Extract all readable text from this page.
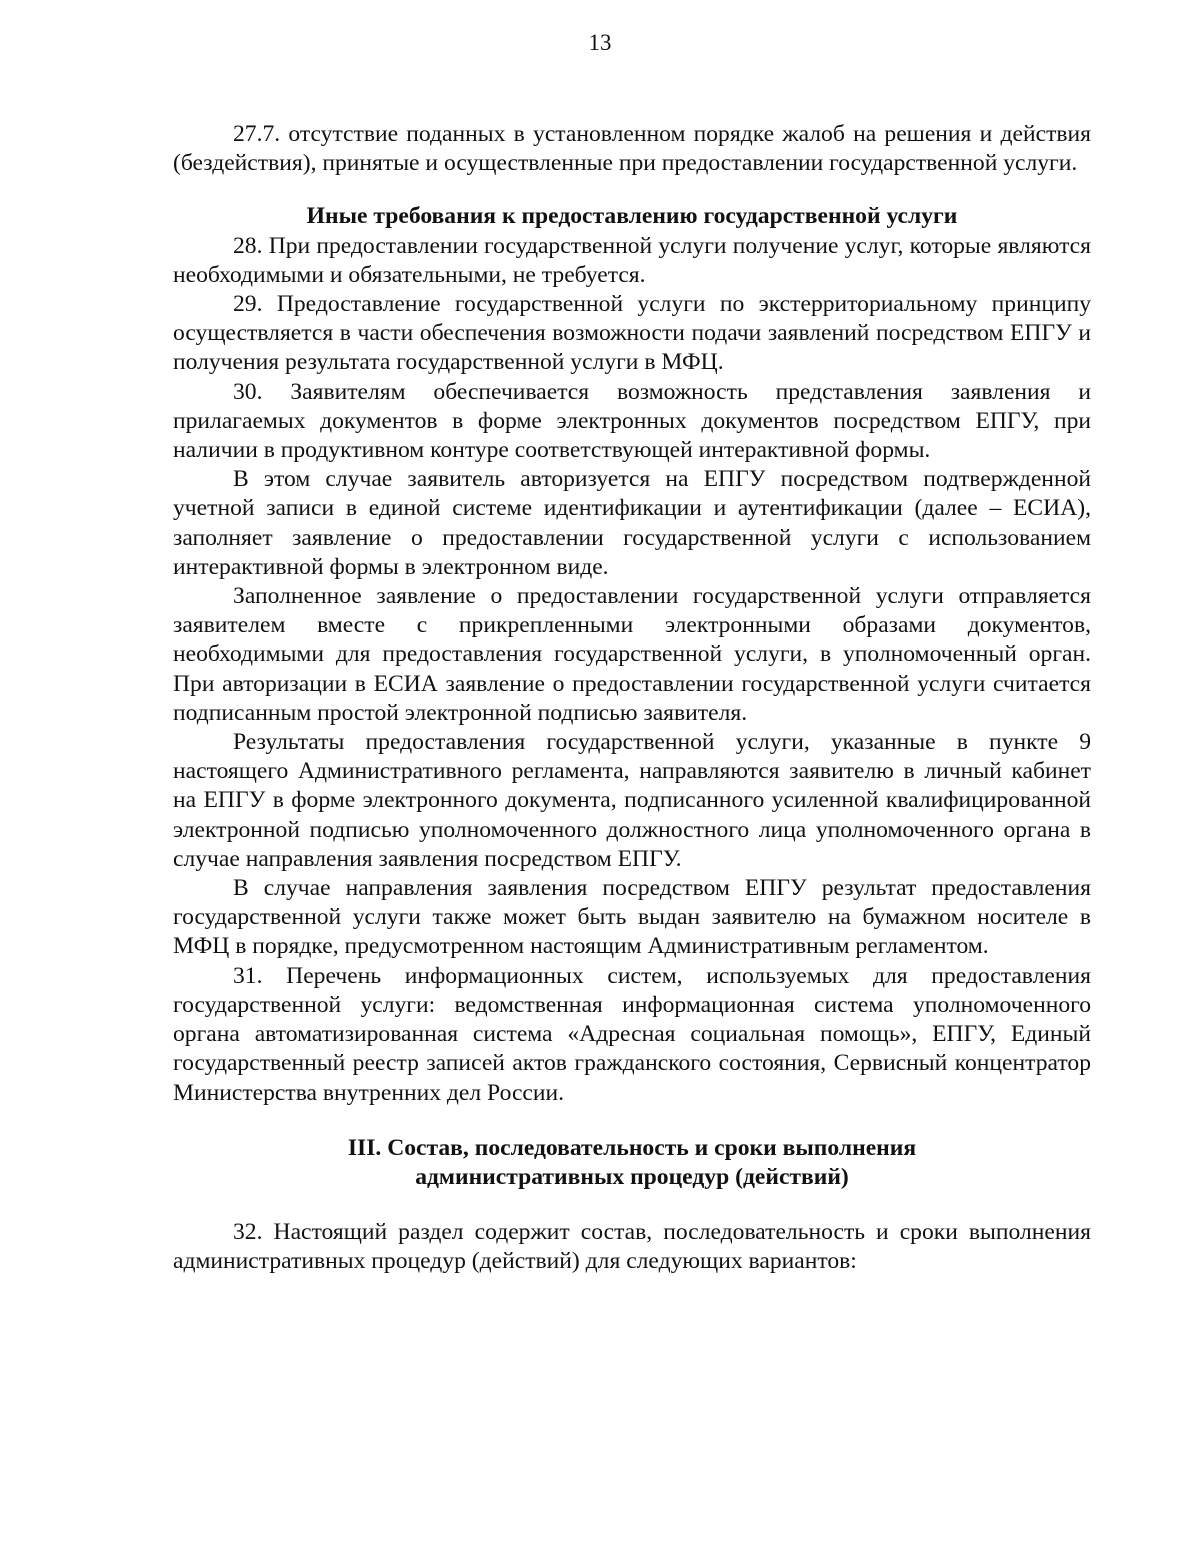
13

27.7. отсутствие поданных в установленном порядке жалоб на решения и действия (бездействия), принятые и осуществленные при предоставлении государственной услуги.

Иные требования к предоставлению государственной услуги

28. При предоставлении государственной услуги получение услуг, которые являются необходимыми и обязательными, не требуется.

29. Предоставление государственной услуги по экстерриториальному принципу осуществляется в части обеспечения возможности подачи заявлений посредством ЕПГУ и получения результата государственной услуги в МФЦ.

30. Заявителям обеспечивается возможность представления заявления и прилагаемых документов в форме электронных документов посредством ЕПГУ, при наличии в продуктивном контуре соответствующей интерактивной формы.

В этом случае заявитель авторизуется на ЕПГУ посредством подтвержденной учетной записи в единой системе идентификации и аутентификации (далее – ЕСИА), заполняет заявление о предоставлении государственной услуги с использованием интерактивной формы в электронном виде.

Заполненное заявление о предоставлении государственной услуги отправляется заявителем вместе с прикрепленными электронными образами документов, необходимыми для предоставления государственной услуги, в уполномоченный орган. При авторизации в ЕСИА заявление о предоставлении государственной услуги считается подписанным простой электронной подписью заявителя.

Результаты предоставления государственной услуги, указанные в пункте 9 настоящего Административного регламента, направляются заявителю в личный кабинет на ЕПГУ в форме электронного документа, подписанного усиленной квалифицированной электронной подписью уполномоченного должностного лица уполномоченного органа в случае направления заявления посредством ЕПГУ.

В случае направления заявления посредством ЕПГУ результат предоставления государственной услуги также может быть выдан заявителю на бумажном носителе в МФЦ в порядке, предусмотренном настоящим Административным регламентом.

31. Перечень информационных систем, используемых для предоставления государственной услуги: ведомственная информационная система уполномоченного органа автоматизированная система «Адресная социальная помощь», ЕПГУ, Единый государственный реестр записей актов гражданского состояния, Сервисный концентратор Министерства внутренних дел России.

III. Состав, последовательность и сроки выполнения
административных процедур (действий)

32. Настоящий раздел содержит состав, последовательность и сроки выполнения административных процедур (действий) для следующих вариантов:
